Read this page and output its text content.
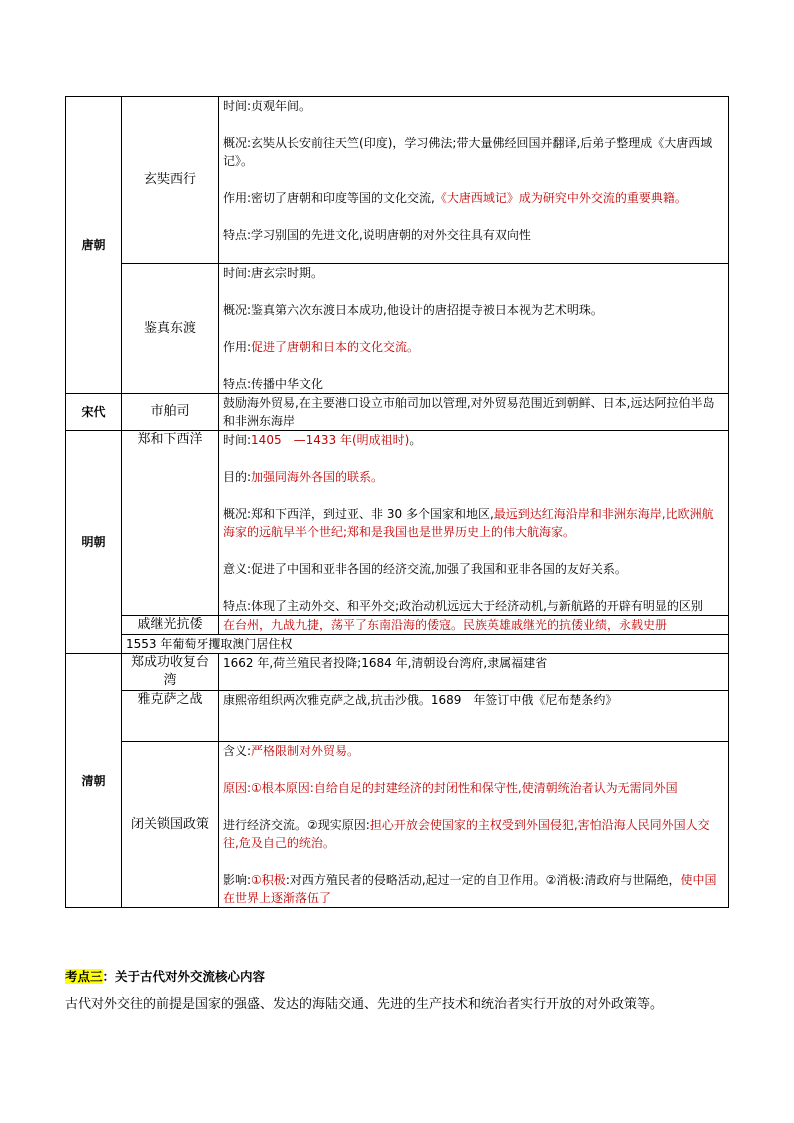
唐朝	玄奘西行	时间:贞观年间。

概况:玄奘从长安前往天竺(印度)，学习佛法;带大量佛经回国并翻译,后弟子整理成《大唐西域记》。

作用:密切了唐朝和印度等国的文化交流,《大唐西域记》成为研究中外交流的重要典籍。

特点:学习别国的先进文化,说明唐朝的对外交往具有双向性

	鉴真东渡	时间:唐玄宗时期。

概况:鉴真第六次东渡日本成功,他设计的唐招提寺被日本视为艺术明珠。

作用:促进了唐朝和日本的文化交流。

特点:传播中华文化

宋代	市舶司	鼓励海外贸易,在主要港口设立市舶司加以管理,对外贸易范围近到朝鲜、日本,远达阿拉伯半岛和非洲东海岸
明朝	郑和下西洋	时间:1405　—1433 年(明成祖时)。

目的:加强同海外各国的联系。

概况:郑和下西洋，到过亚、非 30 多个国家和地区,最远到达红海沿岸和非洲东海岸,比欧洲航海家的远航早半个世纪;郑和是我国也是世界历史上的伟大航海家。

意义:促进了中国和亚非各国的经济交流,加强了我国和亚非各国的友好关系。

特点:体现了主动外交、和平外交;政治动机远远大于经济动机,与新航路的开辟有明显的区别

	戚继光抗倭	在台州，九战九捷，荡平了东南沿海的倭寇。民族英雄戚继光的抗倭业绩，永载史册
	1553 年葡萄牙攫取澳门居住权	
清朝	郑成功收复台湾	1662 年,荷兰殖民者投降;1684 年,清朝设台湾府,隶属福建省
	雅克萨之战	康熙帝组织两次雅克萨之战,抗击沙俄。1689　年签订中俄《尼布楚条约》
	闭关锁国政策	含义:严格限制对外贸易。

原因:①根本原因:自给自足的封建经济的封闭性和保守性,使清朝统治者认为无需同外国

进行经济交流。②现实原因:担心开放会使国家的主权受到外国侵犯,害怕沿海人民同外国人交往,危及自己的统治。

影响:①积极:对西方殖民者的侵略活动,起过一定的自卫作用。②消极:清政府与世隔绝，使中国在世界上逐渐落伍了

考点三：关于古代对外交流核心内容
古代对外交往的前提是国家的强盛、发达的海陆交通、先进的生产技术和统治者实行开放的对外政策等。
